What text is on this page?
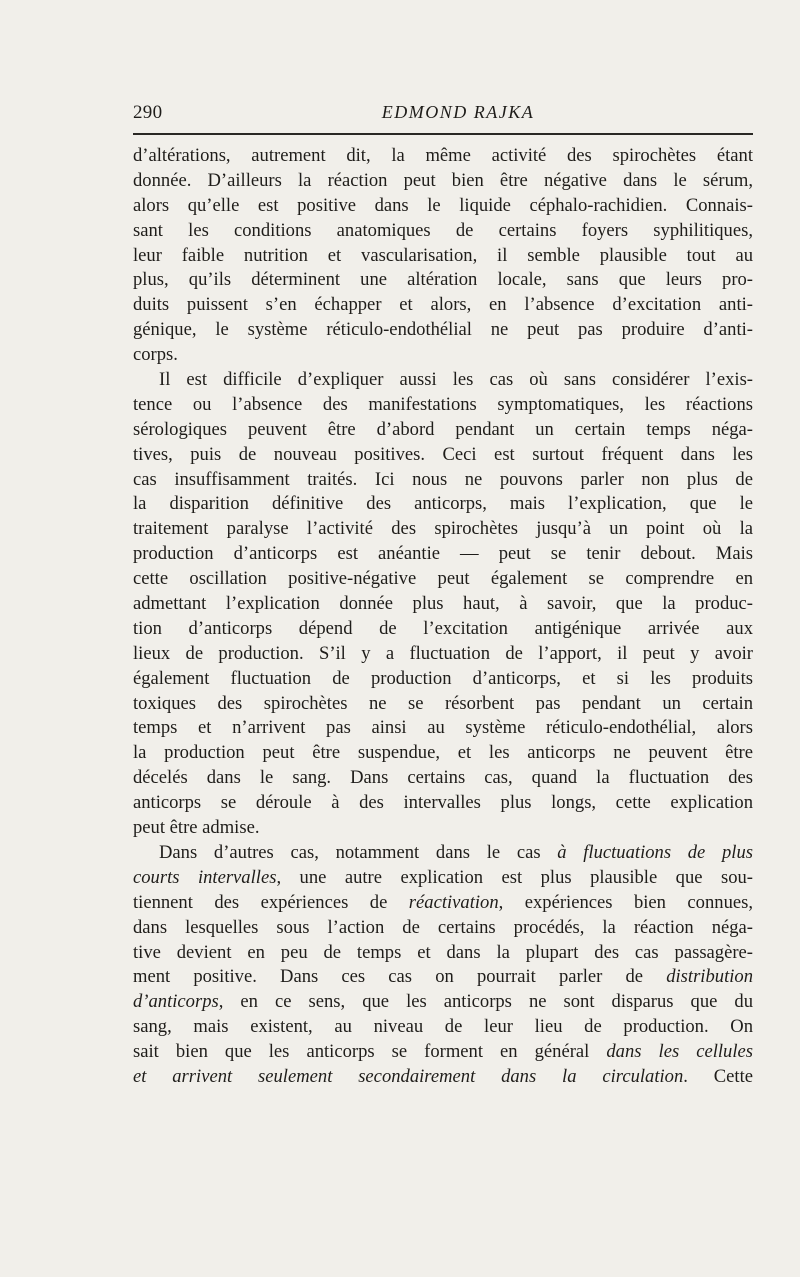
290	EDMOND RAJKA
d’altérations, autrement dit, la même activité des spirochètes étant
donnée. D’ailleurs la réaction peut bien être négative dans le sérum,
alors qu’elle est positive dans le liquide céphalo-rachidien. Connais-
sant les conditions anatomiques de certains foyers syphilitiques,
leur faible nutrition et vascularisation, il semble plausible tout au
plus, qu’ils déterminent une altération locale, sans que leurs pro-
duits puissent s’en échapper et alors, en l’absence d’excitation anti-
génique, le système réticulo-endothélial ne peut pas produire d’anti-
corps.
Il est difficile d’expliquer aussi les cas où sans considérer l’exis-
tence ou l’absence des manifestations symptomatiques, les réactions
sérologiques peuvent être d’abord pendant un certain temps néga-
tives, puis de nouveau positives. Ceci est surtout fréquent dans les
cas insuffisamment traités. Ici nous ne pouvons parler non plus de
la disparition définitive des anticorps, mais l’explication, que le
traitement paralyse l’activité des spirochètes jusqu’à un point où la
production d’anticorps est anéantie — peut se tenir debout. Mais
cette oscillation positive-négative peut également se comprendre en
admettant l’explication donnée plus haut, à savoir, que la produc-
tion d’anticorps dépend de l’excitation antigénique arrivée aux
lieux de production. S’il y a fluctuation de l’apport, il peut y avoir
également fluctuation de production d’anticorps, et si les produits
toxiques des spirochètes ne se résorbent pas pendant un certain
temps et n’arrivent pas ainsi au système réticulo-endothélial, alors
la production peut être suspendue, et les anticorps ne peuvent être
décelés dans le sang. Dans certains cas, quand la fluctuation des
anticorps se déroule à des intervalles plus longs, cette explication
peut être admise.
Dans d’autres cas, notamment dans le cas à fluctuations de plus
courts intervalles, une autre explication est plus plausible que sou-
tiennent des expériences de réactivation, expériences bien connues,
dans lesquelles sous l’action de certains procédés, la réaction néga-
tive devient en peu de temps et dans la plupart des cas passagère-
ment positive. Dans ces cas on pourrait parler de distribution
d’anticorps, en ce sens, que les anticorps ne sont disparus que du
sang, mais existent, au niveau de leur lieu de production. On
sait bien que les anticorps se forment en général dans les cellules
et arrivent seulement secondairement dans la circulation. Cette
